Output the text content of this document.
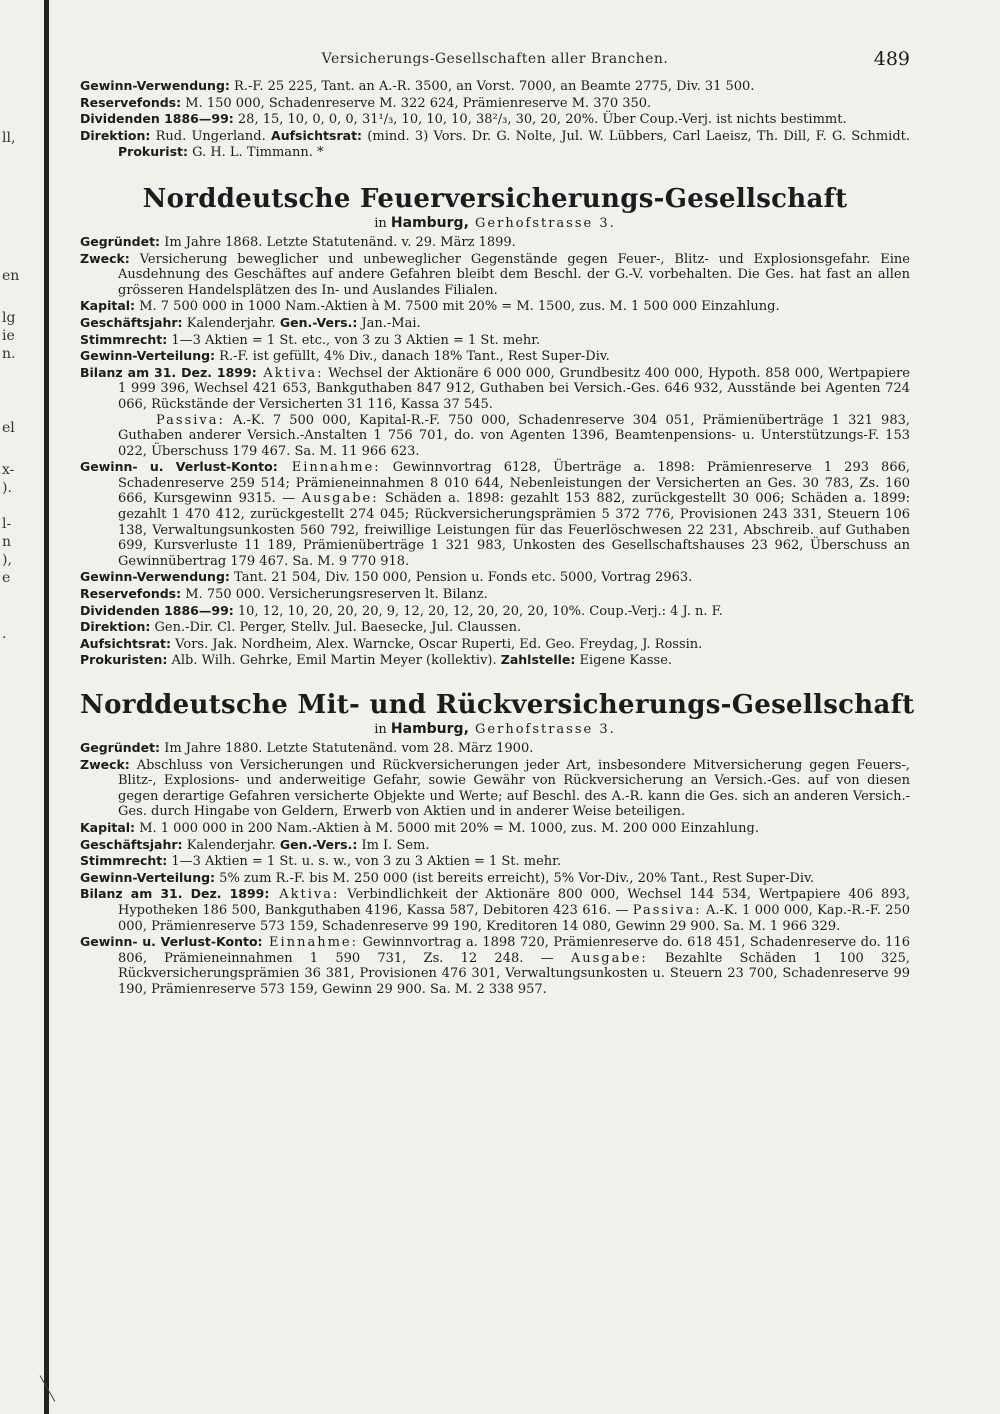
ll,
en
lg
ie
n.
el
x-
).
l-
n
),
e
.
Versicherungs-Gesellschaften aller Branchen.	489

Gewinn-Verwendung: R.-F. 25 225, Tant. an A.-R. 3500, an Vorst. 7000, an Beamte 2775, Div. 31 500.

Reservefonds: M. 150 000, Schadenreserve M. 322 624, Prämienreserve M. 370 350.

Dividenden 1886—99: 28, 15, 10, 0, 0, 0, 31¹/₃, 10, 10, 10, 38²/₃, 30, 20, 20%. Über Coup.-Verj. ist nichts bestimmt.

Direktion: Rud. Ungerland. Aufsichtsrat: (mind. 3) Vors. Dr. G. Nolte, Jul. W. Lübbers, Carl Laeisz, Th. Dill, F. G. Schmidt. Prokurist: G. H. L. Timmann. *

Norddeutsche Feuerversicherungs-Gesellschaft

in Hamburg, Gerhofstrasse 3.

Gegründet: Im Jahre 1868. Letzte Statutenänd. v. 29. März 1899.

Zweck: Versicherung beweglicher und unbeweglicher Gegenstände gegen Feuer-, Blitz- und Explosionsgefahr. Eine Ausdehnung des Geschäftes auf andere Gefahren bleibt dem Beschl. der G.-V. vorbehalten. Die Ges. hat fast an allen grösseren Handelsplätzen des In- und Auslandes Filialen.

Kapital: M. 7 500 000 in 1000 Nam.-Aktien à M. 7500 mit 20% = M. 1500, zus. M. 1 500 000 Einzahlung.

Geschäftsjahr: Kalenderjahr. Gen.-Vers.: Jan.-Mai.

Stimmrecht: 1—3 Aktien = 1 St. etc., von 3 zu 3 Aktien = 1 St. mehr.

Gewinn-Verteilung: R.-F. ist gefüllt, 4% Div., danach 18% Tant., Rest Super-Div.

Bilanz am 31. Dez. 1899: Aktiva: Wechsel der Aktionäre 6 000 000, Grundbesitz 400 000, Hypoth. 858 000, Wertpapiere 1 999 396, Wechsel 421 653, Bankguthaben 847 912, Guthaben bei Versich.-Ges. 646 932, Ausstände bei Agenten 724 066, Rückstände der Versicherten 31 116, Kassa 37 545.
Passiva: A.-K. 7 500 000, Kapital-R.-F. 750 000, Schadenreserve 304 051, Prämienüberträge 1 321 983, Guthaben anderer Versich.-Anstalten 1 756 701, do. von Agenten 1396, Beamtenpensions- u. Unterstützungs-F. 153 022, Überschuss 179 467. Sa. M. 11 966 623.

Gewinn- u. Verlust-Konto: Einnahme: Gewinnvortrag 6128, Überträge a. 1898: Prämienreserve 1 293 866, Schadenreserve 259 514; Prämieneinnahmen 8 010 644, Nebenleistungen der Versicherten an Ges. 30 783, Zs. 160 666, Kursgewinn 9315. — Ausgabe: Schäden a. 1898: gezahlt 153 882, zurückgestellt 30 006; Schäden a. 1899: gezahlt 1 470 412, zurückgestellt 274 045; Rückversicherungsprämien 5 372 776, Provisionen 243 331, Steuern 106 138, Verwaltungsunkosten 560 792, freiwillige Leistungen für das Feuerlöschwesen 22 231, Abschreib. auf Guthaben 699, Kursverluste 11 189, Prämienüberträge 1 321 983, Unkosten des Gesellschaftshauses 23 962, Überschuss an Gewinnübertrag 179 467. Sa. M. 9 770 918.

Gewinn-Verwendung: Tant. 21 504, Div. 150 000, Pension u. Fonds etc. 5000, Vortrag 2963.

Reservefonds: M. 750 000. Versicherungsreserven lt. Bilanz.

Dividenden 1886—99: 10, 12, 10, 20, 20, 20, 9, 12, 20, 12, 20, 20, 20, 10%. Coup.-Verj.: 4 J. n. F.

Direktion: Gen.-Dir. Cl. Perger, Stellv. Jul. Baesecke, Jul. Claussen.

Aufsichtsrat: Vors. Jak. Nordheim, Alex. Warncke, Oscar Ruperti, Ed. Geo. Freydag, J. Rossin.

Prokuristen: Alb. Wilh. Gehrke, Emil Martin Meyer (kollektiv). Zahlstelle: Eigene Kasse.

Norddeutsche Mit- und Rückversicherungs-Gesellschaft

in Hamburg, Gerhofstrasse 3.

Gegründet: Im Jahre 1880. Letzte Statutenänd. vom 28. März 1900.

Zweck: Abschluss von Versicherungen und Rückversicherungen jeder Art, insbesondere Mitversicherung gegen Feuers-, Blitz-, Explosions- und anderweitige Gefahr, sowie Gewähr von Rückversicherung an Versich.-Ges. auf von diesen gegen derartige Gefahren versicherte Objekte und Werte; auf Beschl. des A.-R. kann die Ges. sich an anderen Versich.-Ges. durch Hingabe von Geldern, Erwerb von Aktien und in anderer Weise beteiligen.

Kapital: M. 1 000 000 in 200 Nam.-Aktien à M. 5000 mit 20% = M. 1000, zus. M. 200 000 Einzahlung.

Geschäftsjahr: Kalenderjahr. Gen.-Vers.: Im I. Sem.

Stimmrecht: 1—3 Aktien = 1 St. u. s. w., von 3 zu 3 Aktien = 1 St. mehr.

Gewinn-Verteilung: 5% zum R.-F. bis M. 250 000 (ist bereits erreicht), 5% Vor-Div., 20% Tant., Rest Super-Div.

Bilanz am 31. Dez. 1899: Aktiva: Verbindlichkeit der Aktionäre 800 000, Wechsel 144 534, Wertpapiere 406 893, Hypotheken 186 500, Bankguthaben 4196, Kassa 587, Debitoren 423 616. — Passiva: A.-K. 1 000 000, Kap.-R.-F. 250 000, Prämienreserve 573 159, Schadenreserve 99 190, Kreditoren 14 080, Gewinn 29 900. Sa. M. 1 966 329.

Gewinn- u. Verlust-Konto: Einnahme: Gewinnvortrag a. 1898 720, Prämienreserve do. 618 451, Schadenreserve do. 116 806, Prämieneinnahmen 1 590 731, Zs. 12 248. — Ausgabe: Bezahlte Schäden 1 100 325, Rückversicherungsprämien 36 381, Provisionen 476 301, Verwaltungsunkosten u. Steuern 23 700, Schadenreserve 99 190, Prämienreserve 573 159, Gewinn 29 900. Sa. M. 2 338 957.
